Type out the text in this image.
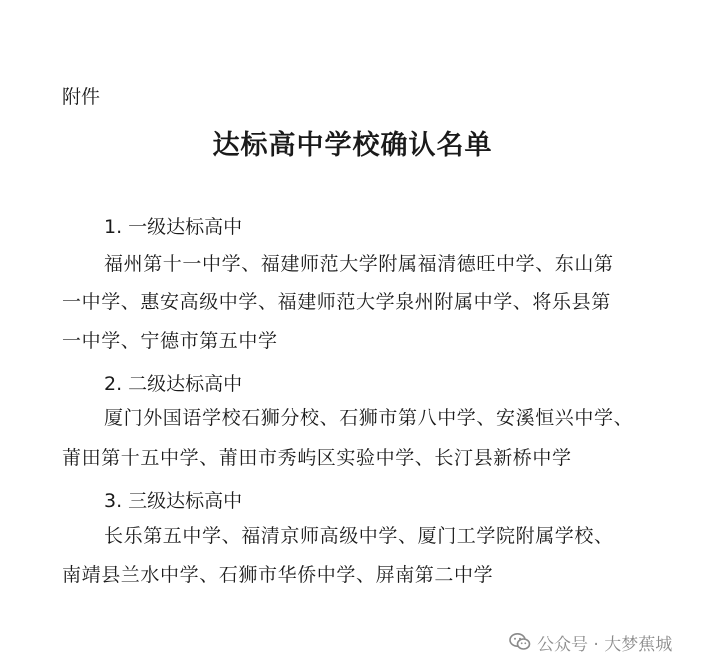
附件
达标高中学校确认名单
1. 一级达标高中
福州第十一中学、福建师范大学附属福清德旺中学、东山第
一中学、惠安高级中学、福建师范大学泉州附属中学、将乐县第
一中学、宁德市第五中学
2. 二级达标高中
厦门外国语学校石狮分校、石狮市第八中学、安溪恒兴中学、
莆田第十五中学、莆田市秀屿区实验中学、长汀县新桥中学
3. 三级达标高中
长乐第五中学、福清京师高级中学、厦门工学院附属学校、
南靖县兰水中学、石狮市华侨中学、屏南第二中学
公众号 · 大梦蕉城
